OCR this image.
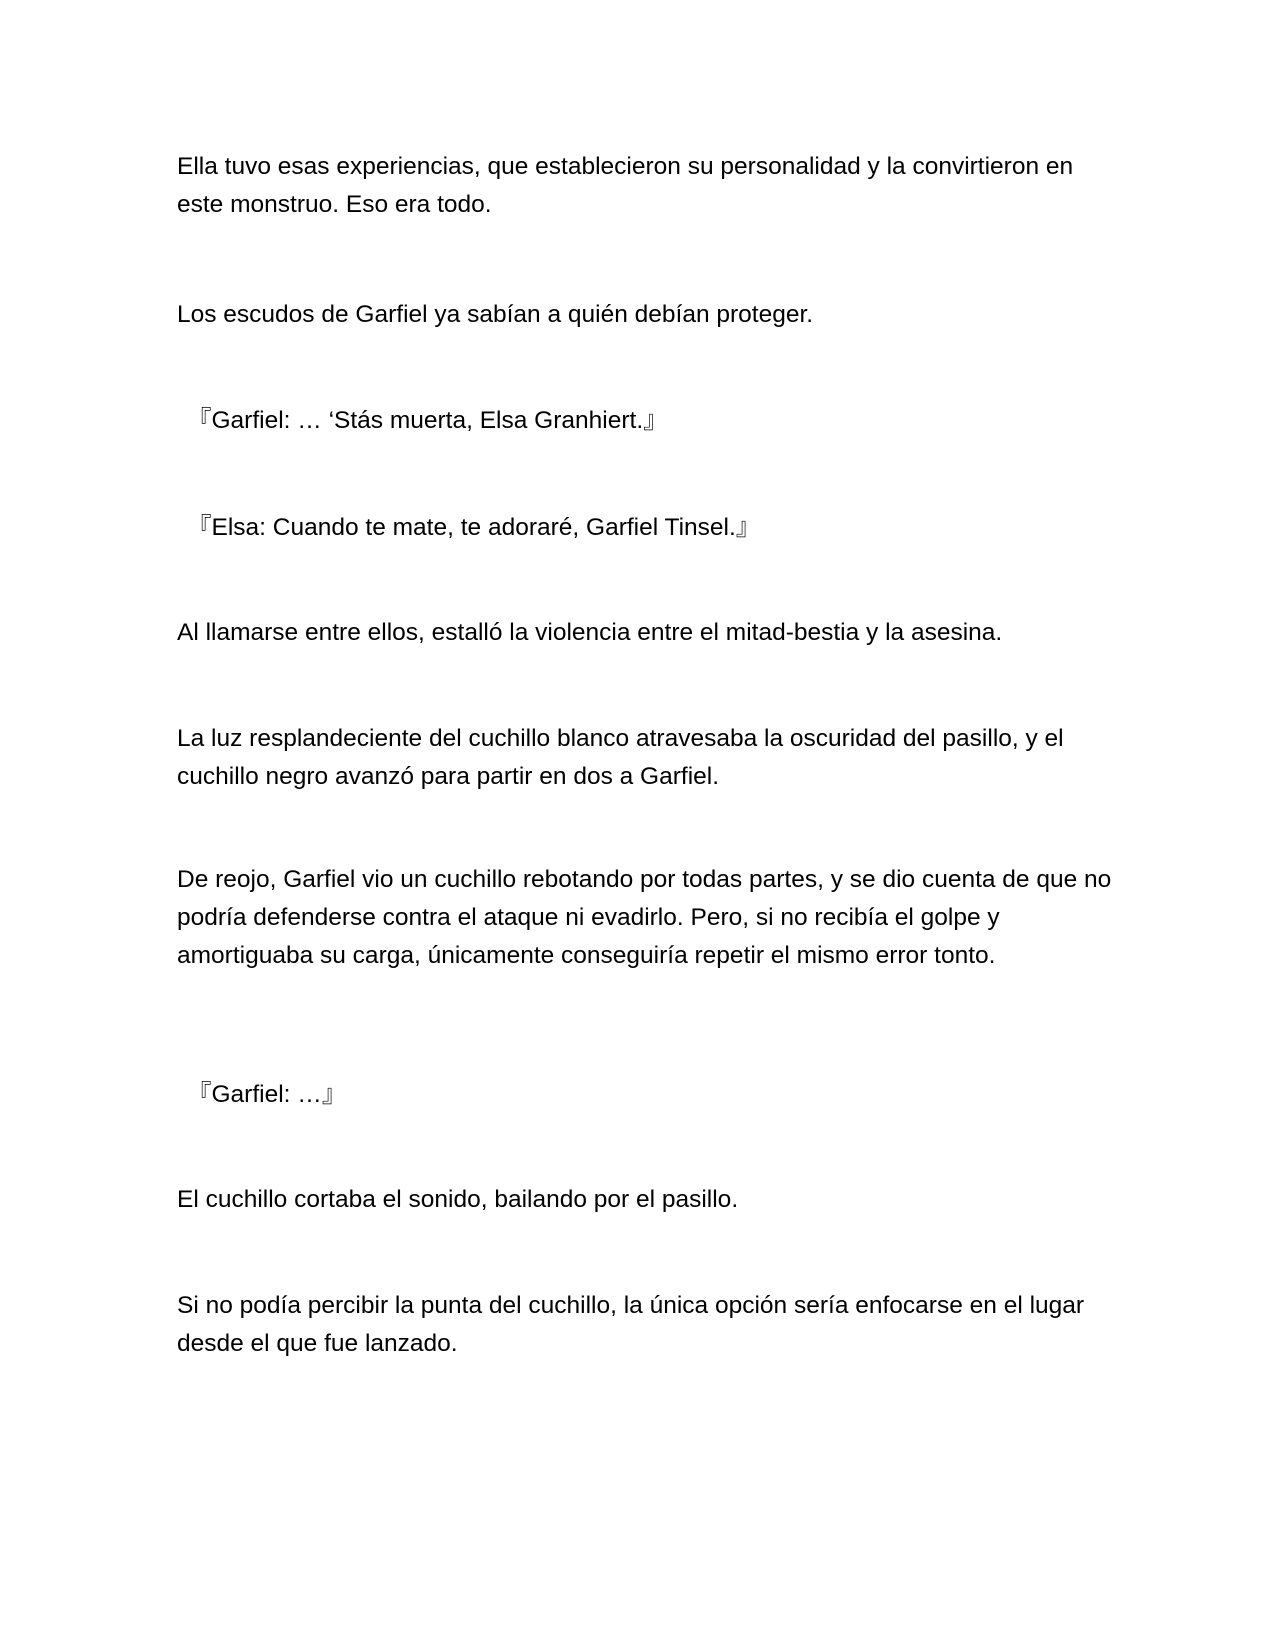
Ella tuvo esas experiencias, que establecieron su personalidad y la convirtieron en este monstruo. Eso era todo.

Los escudos de Garfiel ya sabían a quién debían proteger.

『Garfiel: … ‘Stás muerta, Elsa Granhiert.』

『Elsa: Cuando te mate, te adoraré, Garfiel Tinsel.』

Al llamarse entre ellos, estalló la violencia entre el mitad-bestia y la asesina.

La luz resplandeciente del cuchillo blanco atravesaba la oscuridad del pasillo, y el cuchillo negro avanzó para partir en dos a Garfiel.

De reojo, Garfiel vio un cuchillo rebotando por todas partes, y se dio cuenta de que no podría defenderse contra el ataque ni evadirlo. Pero, si no recibía el golpe y amortiguaba su carga, únicamente conseguiría repetir el mismo error tonto.

『Garfiel: …』

El cuchillo cortaba el sonido, bailando por el pasillo.

Si no podía percibir la punta del cuchillo, la única opción sería enfocarse en el lugar desde el que fue lanzado.
